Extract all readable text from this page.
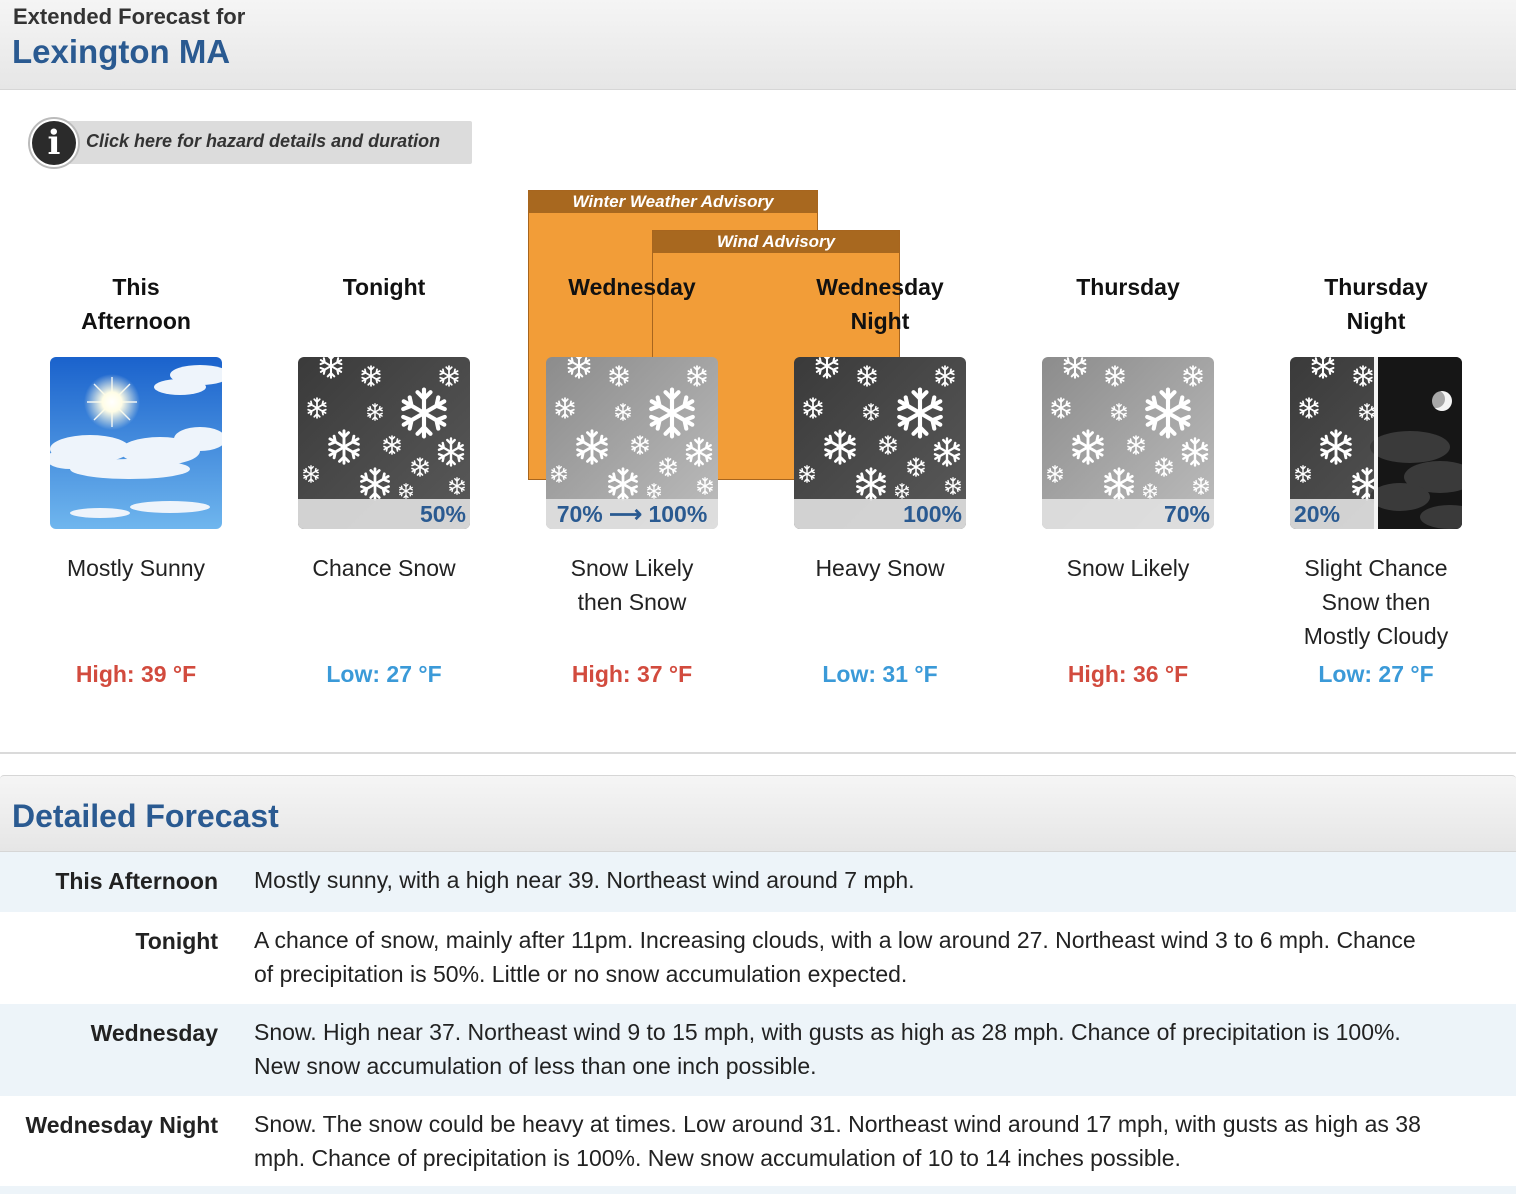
Extended Forecast for
Lexington MA
i	Click here for hazard details and duration
Winter Weather Advisory
Wind Advisory
This
Afternoon
Mostly Sunny
High: 39 °F
Tonight
50%
Chance Snow
Low: 27 °F
Wednesday
70% ⟶ 100%
Snow Likely
then Snow
High: 37 °F
Wednesday
Night
100%
Heavy Snow
Low: 31 °F
Thursday
70%
Snow Likely
High: 36 °F
Thursday
Night
20%
Slight Chance
Snow then
Mostly Cloudy
Low: 27 °F
Detailed Forecast
This Afternoon Mostly sunny, with a high near 39. Northeast wind around 7 mph.
Tonight A chance of snow, mainly after 11pm. Increasing clouds, with a low around 27. Northeast wind 3 to 6 mph. Chance
of precipitation is 50%. Little or no snow accumulation expected.
Wednesday Snow. High near 37. Northeast wind 9 to 15 mph, with gusts as high as 28 mph. Chance of precipitation is 100%.
New snow accumulation of less than one inch possible.
Wednesday Night Snow. The snow could be heavy at times. Low around 31. Northeast wind around 17 mph, with gusts as high as 38
mph. Chance of precipitation is 100%. New snow accumulation of 10 to 14 inches possible.
